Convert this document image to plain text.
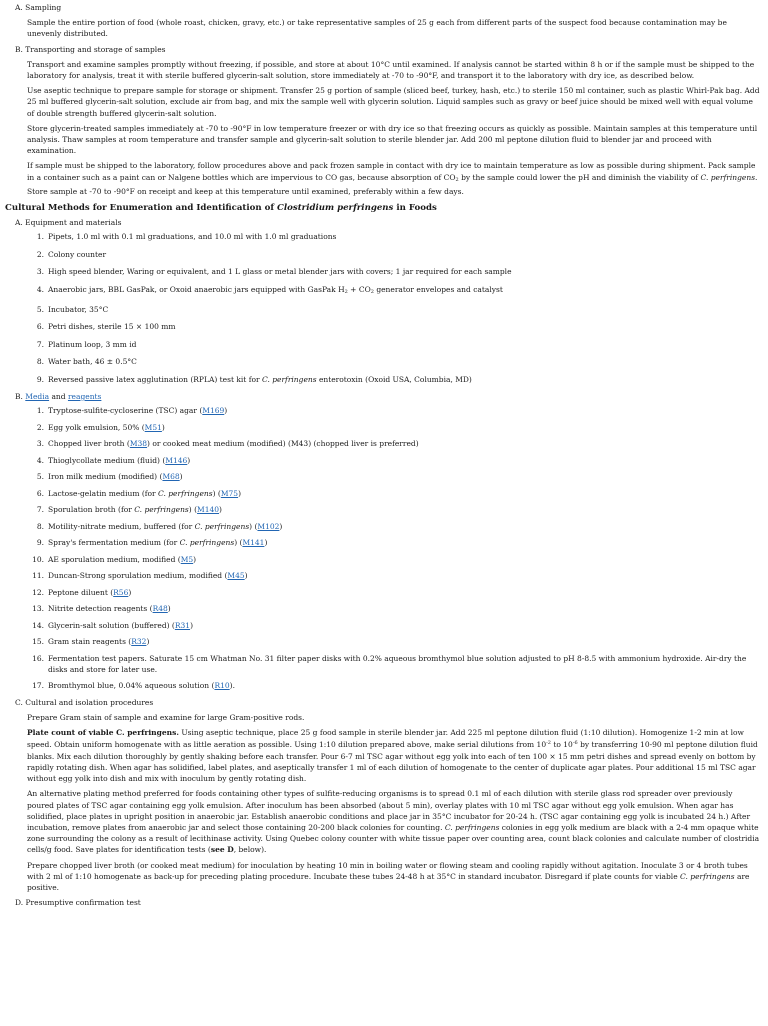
A. Sampling
Sample the entire portion of food (whole roast, chicken, gravy, etc.) or take representative samples of 25 g each from different parts of the suspect food because contamination may be unevenly distributed.
B. Transporting and storage of samples
Transport and examine samples promptly without freezing, if possible, and store at about 10°C until examined. If analysis cannot be started within 8 h or if the sample must be shipped to the laboratory for analysis, treat it with sterile buffered glycerin-salt solution, store immediately at -70 to -90°F, and transport it to the laboratory with dry ice, as described below.
Use aseptic technique to prepare sample for storage or shipment. Transfer 25 g portion of sample (sliced beef, turkey, hash, etc.) to sterile 150 ml container, such as plastic Whirl-Pak bag. Add 25 ml buffered glycerin-salt solution, exclude air from bag, and mix the sample well with glycerin solution. Liquid samples such as gravy or beef juice should be mixed well with equal volume of double strength buffered glycerin-salt solution.
Store glycerin-treated samples immediately at -70 to -90°F in low temperature freezer or with dry ice so that freezing occurs as quickly as possible. Maintain samples at this temperature until analysis. Thaw samples at room temperature and transfer sample and glycerin-salt solution to sterile blender jar. Add 200 ml peptone dilution fluid to blender jar and proceed with examination.
If sample must be shipped to the laboratory, follow procedures above and pack frozen sample in contact with dry ice to maintain temperature as low as possible during shipment. Pack sample in a container such as a paint can or Nalgene bottles which are impervious to CO gas, because absorption of $CO_2$ by the sample could lower the pH and diminish the viability of C. perfringens. Store sample at -70 to -90°F on receipt and keep at this temperature until examined, preferably within a few days.
Cultural Methods for Enumeration and Identification of Clostridium perfringens in Foods
A. Equipment and materials
1. Pipets, 1.0 ml with 0.1 ml graduations, and 10.0 ml with 1.0 ml graduations
2. Colony counter
3. High speed blender, Waring or equivalent, and 1 L glass or metal blender jars with covers; 1 jar required for each sample
4. Anaerobic jars, BBL GasPak, or Oxoid anaerobic jars equipped with GasPak $H_2 + CO_2$ generator envelopes and catalyst
5. Incubator, 35°C
6. Petri dishes, sterile 15 × 100 mm
7. Platinum loop, 3 mm id
8. Water bath, 46 ± 0.5°C
9. Reversed passive latex agglutination (RPLA) test kit for C. perfringens enterotoxin (Oxoid USA, Columbia, MD)
B. Media and reagents
1. Tryptose-sulfite-cycloserine (TSC) agar (M169)
2. Egg yolk emulsion, 50% (M51)
3. Chopped liver broth (M38) or cooked meat medium (modified) (M43) (chopped liver is preferred)
4. Thioglycollate medium (fluid) (M146)
5. Iron milk medium (modified) (M68)
6. Lactose-gelatin medium (for C. perfringens) (M75)
7. Sporulation broth (for C. perfringens) (M140)
8. Motility-nitrate medium, buffered (for C. perfringens) (M102)
9. Spray's fermentation medium (for C. perfringens) (M141)
10. AE sporulation medium, modified (M5)
11. Duncan-Strong sporulation medium, modified (M45)
12. Peptone diluent (R56)
13. Nitrite detection reagents (R48)
14. Glycerin-salt solution (buffered) (R31)
15. Gram stain reagents (R32)
16. Fermentation test papers. Saturate 15 cm Whatman No. 31 filter paper disks with 0.2% aqueous bromthymol blue solution adjusted to pH 8-8.5 with ammonium hydroxide. Air-dry the disks and store for later use.
17. Bromthymol blue, 0.04% aqueous solution (R10).
C. Cultural and isolation procedures
Prepare Gram stain of sample and examine for large Gram-positive rods.
Plate count of viable C. perfringens. Using aseptic technique, place 25 g food sample in sterile blender jar. Add 225 ml peptone dilution fluid (1:10 dilution). Homogenize 1-2 min at low speed. Obtain uniform homogenate with as little aeration as possible. Using 1:10 dilution prepared above, make serial dilutions from $10^{-2}$ to $10^{-6}$ by transferring 10-90 ml peptone dilution fluid blanks. Mix each dilution thoroughly by gently shaking before each transfer. Pour 6-7 ml TSC agar without egg yolk into each of ten 100 × 15 mm petri dishes and spread evenly on bottom by rapidly rotating dish. When agar has solidified, label plates, and aseptically transfer 1 ml of each dilution of homogenate to the center of duplicate agar plates. Pour additional 15 ml TSC agar without egg yolk into dish and mix with inoculum by gently rotating dish.
An alternative plating method preferred for foods containing other types of sulfite-reducing organisms is to spread 0.1 ml of each dilution with sterile glass rod spreader over previously poured plates of TSC agar containing egg yolk emulsion. After inoculum has been absorbed (about 5 min), overlay plates with 10 ml TSC agar without egg yolk emulsion. When agar has solidified, place plates in upright position in anaerobic jar. Establish anaerobic conditions and place jar in 35°C incubator for 20-24 h. (TSC agar containing egg yolk is incubated 24 h.) After incubation, remove plates from anaerobic jar and select those containing 20-200 black colonies for counting. C. perfringens colonies in egg yolk medium are black with a 2-4 mm opaque white zone surrounding the colony as a result of lecithinase activity. Using Quebec colony counter with white tissue paper over counting area, count black colonies and calculate number of clostridia cells/g food. Save plates for identification tests (see D, below).
Prepare chopped liver broth (or cooked meat medium) for inoculation by heating 10 min in boiling water or flowing steam and cooling rapidly without agitation. Inoculate 3 or 4 broth tubes with 2 ml of 1:10 homogenate as back-up for preceding plating procedure. Incubate these tubes 24-48 h at 35°C in standard incubator. Disregard if plate counts for viable C. perfringens are positive.
D. Presumptive confirmation test
